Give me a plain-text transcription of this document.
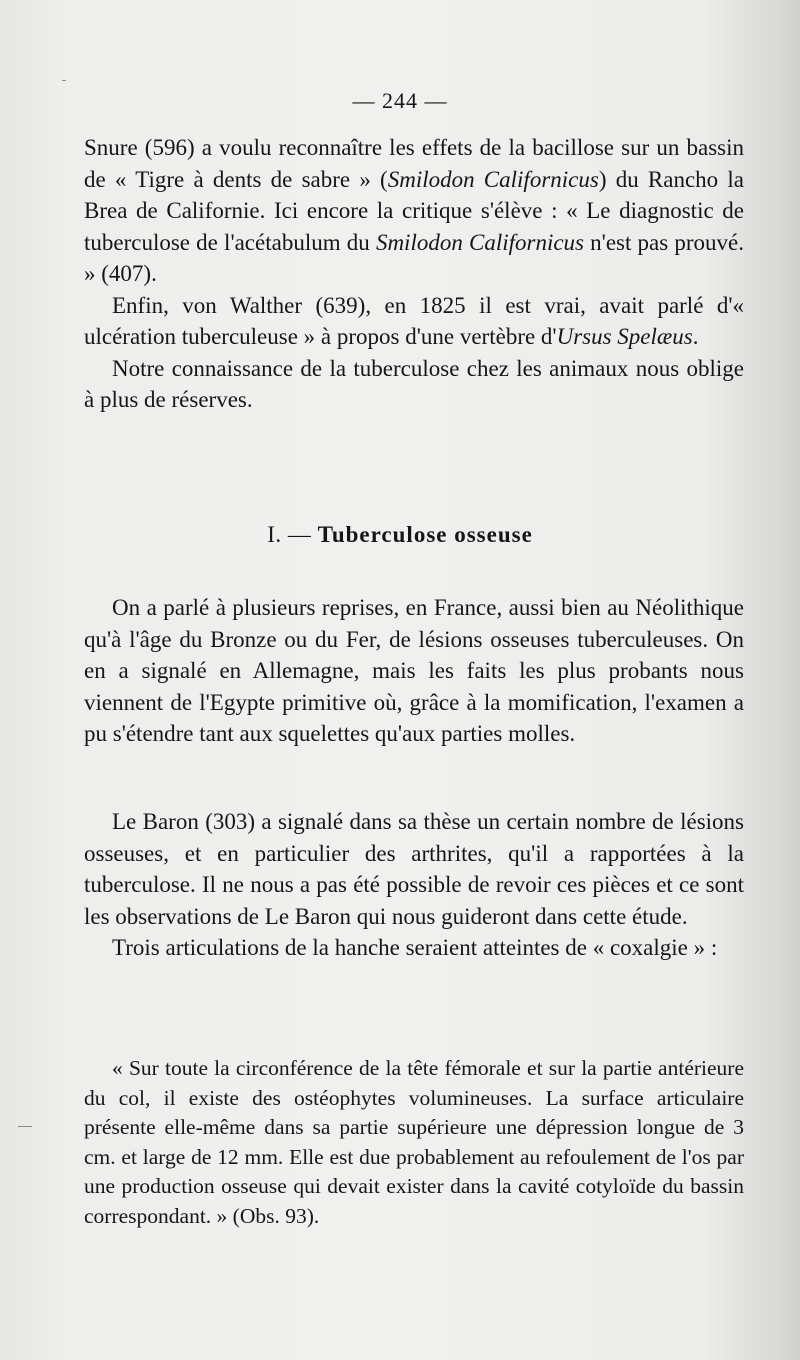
— 244 —

Snure (596) a voulu reconnaître les effets de la bacillose sur un bassin de « Tigre à dents de sabre » (Smilodon Californicus) du Rancho la Brea de Californie. Ici encore la critique s'élève : « Le diagnostic de tuberculose de l'acétabulum du Smilodon Californicus n'est pas prouvé. » (407).

Enfin, von Walther (639), en 1825 il est vrai, avait parlé d'« ulcération tuberculeuse » à propos d'une vertèbre d'Ursus Spelæus.

Notre connaissance de la tuberculose chez les animaux nous oblige à plus de réserves.

I. — Tuberculose osseuse

On a parlé à plusieurs reprises, en France, aussi bien au Néolithique qu'à l'âge du Bronze ou du Fer, de lésions osseuses tuberculeuses. On en a signalé en Allemagne, mais les faits les plus probants nous viennent de l'Egypte primitive où, grâce à la momification, l'examen a pu s'étendre tant aux squelettes qu'aux parties molles.

Le Baron (303) a signalé dans sa thèse un certain nombre de lésions osseuses, et en particulier des arthrites, qu'il a rapportées à la tuberculose. Il ne nous a pas été possible de revoir ces pièces et ce sont les observations de Le Baron qui nous guideront dans cette étude.

Trois articulations de la hanche seraient atteintes de « coxalgie » :

« Sur toute la circonférence de la tête fémorale et sur la partie antérieure du col, il existe des ostéophytes volumineuses. La surface articulaire présente elle-même dans sa partie supérieure une dépression longue de 3 cm. et large de 12 mm. Elle est due probablement au refoulement de l'os par une production osseuse qui devait exister dans la cavité cotyloïde du bassin correspondant. » (Obs. 93).
